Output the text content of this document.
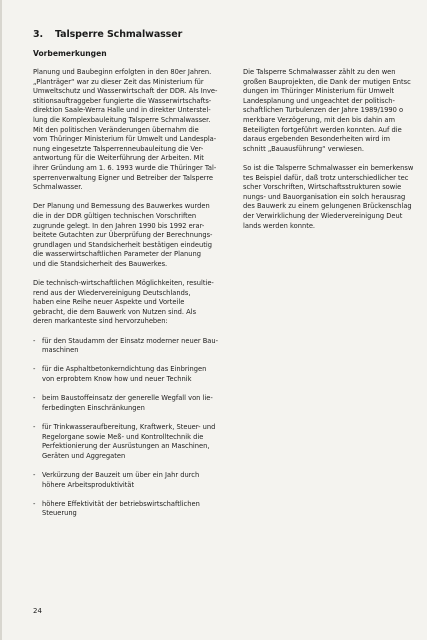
3. Talsperre Schmalwasser
Vorbemerkungen
Planung und Baubeginn erfolgten in den 80er Jahren.
„Planträger“ war zu dieser Zeit das Ministerium für
Umweltschutz und Wasserwirtschaft der DDR. Als Inve-
stitionsauftraggeber fungierte die Wasserwirtschafts-
direktion Saale-Werra Halle und in direkter Unterstel-
lung die Komplexbauleitung Talsperre Schmalwasser.
Mit den politischen Veränderungen übernahm die
vom Thüringer Ministerium für Umwelt und Landespla-
nung eingesetzte Talsperrenneubauleitung die Ver-
antwortung für die Weiterführung der Arbeiten. Mit
ihrer Gründung am 1. 6. 1993 wurde die Thüringer Tal-
sperrenverwaltung Eigner und Betreiber der Talsperre
Schmalwasser.
Der Planung und Bemessung des Bauwerkes wurden
die in der DDR gültigen technischen Vorschriften
zugrunde gelegt. In den Jahren 1990 bis 1992 erar-
beitete Gutachten zur Überprüfung der Berechnungs-
grundlagen und Standsicherheit bestätigen eindeutig
die wasserwirtschaftlichen Parameter der Planung
und die Standsicherheit des Bauwerkes.
Die technisch-wirtschaftlichen Möglichkeiten, resultie-
rend aus der Wiedervereinigung Deutschlands,
haben eine Reihe neuer Aspekte und Vorteile
gebracht, die dem Bauwerk von Nutzen sind. Als
deren markanteste sind hervorzuheben:
- für den Staudamm der Einsatz moderner neuer Bau-
maschinen
- für die Asphaltbetonkerndichtung das Einbringen
von erprobtem Know how und neuer Technik
- beim Baustoffeinsatz der generelle Wegfall von lie-
ferbedingten Einschränkungen
- für Trinkwasseraufbereitung, Kraftwerk, Steuer- und
Regelorgane sowie Meß- und Kontrolltechnik die
Perfektionierung der Ausrüstungen an Maschinen,
Geräten und Aggregaten
- Verkürzung der Bauzeit um über ein Jahr durch
höhere Arbeitsproduktivität
- höhere Effektivität der betriebswirtschaftlichen
Steuerung
Die Talsperre Schmalwasser zählt zu den wen
großen Bauprojekten, die Dank der mutigen Entsc
dungen im Thüringer Ministerium für Umwelt
Landesplanung und ungeachtet der politisch-
schaftlichen Turbulenzen der Jahre 1989/1990 o
merkbare Verzögerung, mit den bis dahin am
Beteiligten fortgeführt werden konnten. Auf die
daraus ergebenden Besonderheiten wird im
schnitt „Bauausführung“ verwiesen.
So ist die Talsperre Schmalwasser ein bemerkensw
tes Beispiel dafür, daß trotz unterschiedlicher tec
scher Vorschriften, Wirtschaftsstrukturen sowie
nungs- und Bauorganisation ein solch herausrag
des Bauwerk zu einem gelungenen Brückenschlag
der Verwirklichung der Wiedervereinigung Deut
lands werden konnte.
24
